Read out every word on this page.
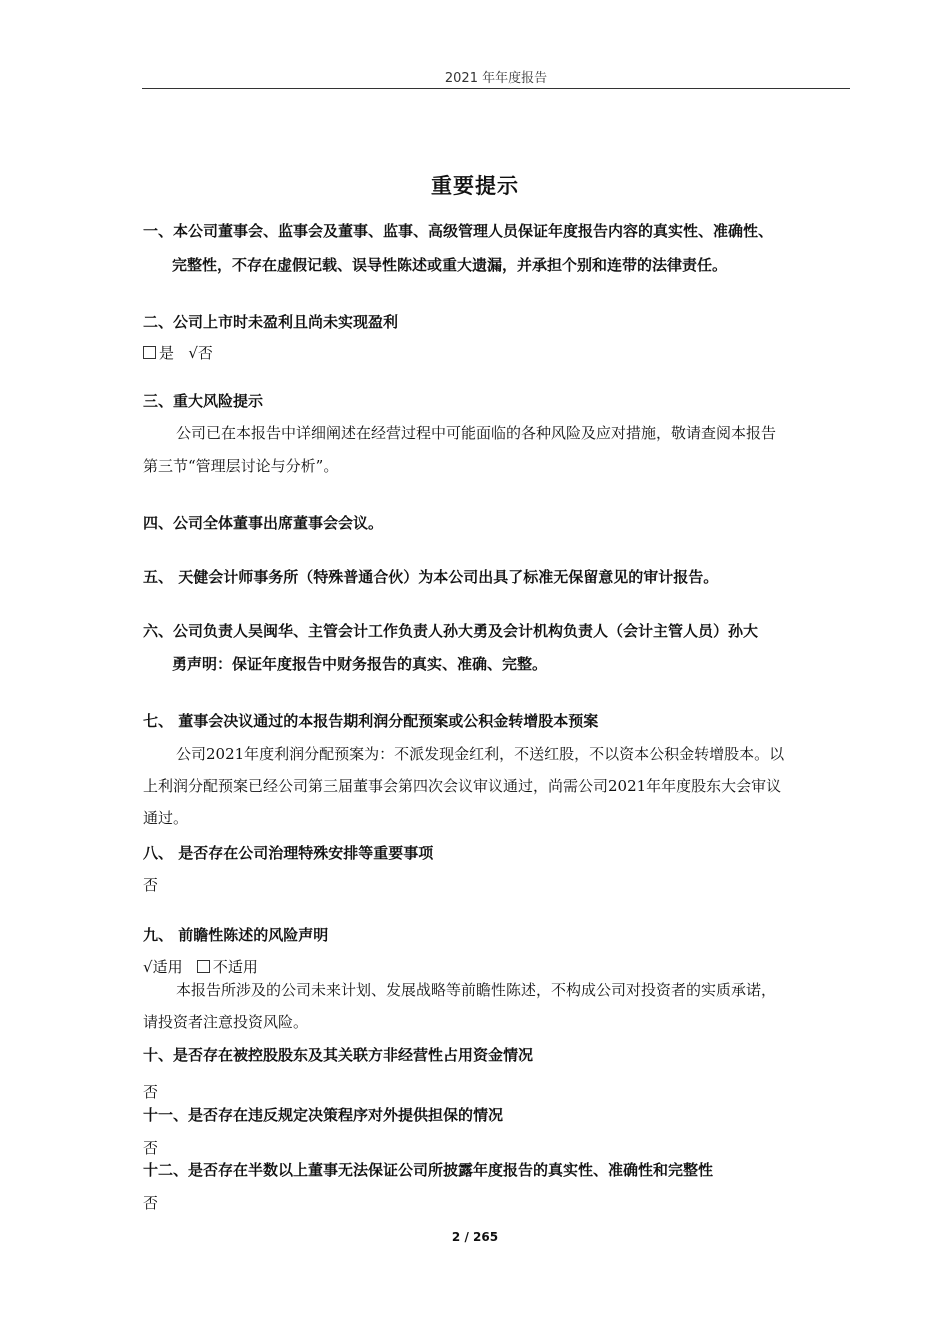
2021 年年度报告
重要提示
一、本公司董事会、监事会及董事、监事、高级管理人员保证年度报告内容的真实性、准确性、
完整性，不存在虚假记载、误导性陈述或重大遗漏，并承担个别和连带的法律责任。
二、公司上市时未盈利且尚未实现盈利
是 √否
三、重大风险提示
公司已在本报告中详细阐述在经营过程中可能面临的各种风险及应对措施，敬请查阅本报告
第三节“管理层讨论与分析”。
四、公司全体董事出席董事会会议。
五、 天健会计师事务所（特殊普通合伙）为本公司出具了标准无保留意见的审计报告。
六、公司负责人吴闽华、主管会计工作负责人孙大勇及会计机构负责人（会计主管人员）孙大
勇声明：保证年度报告中财务报告的真实、准确、完整。
七、 董事会决议通过的本报告期利润分配预案或公积金转增股本预案
公司2021年度利润分配预案为：不派发现金红利，不送红股，不以资本公积金转增股本。以
上利润分配预案已经公司第三届董事会第四次会议审议通过，尚需公司2021年年度股东大会审议
通过。
八、 是否存在公司治理特殊安排等重要事项
否
九、 前瞻性陈述的风险声明
√适用 不适用
本报告所涉及的公司未来计划、发展战略等前瞻性陈述，不构成公司对投资者的实质承诺，
请投资者注意投资风险。
十、是否存在被控股股东及其关联方非经营性占用资金情况
否
十一、是否存在违反规定决策程序对外提供担保的情况
否
十二、是否存在半数以上董事无法保证公司所披露年度报告的真实性、准确性和完整性
否
2 / 265
